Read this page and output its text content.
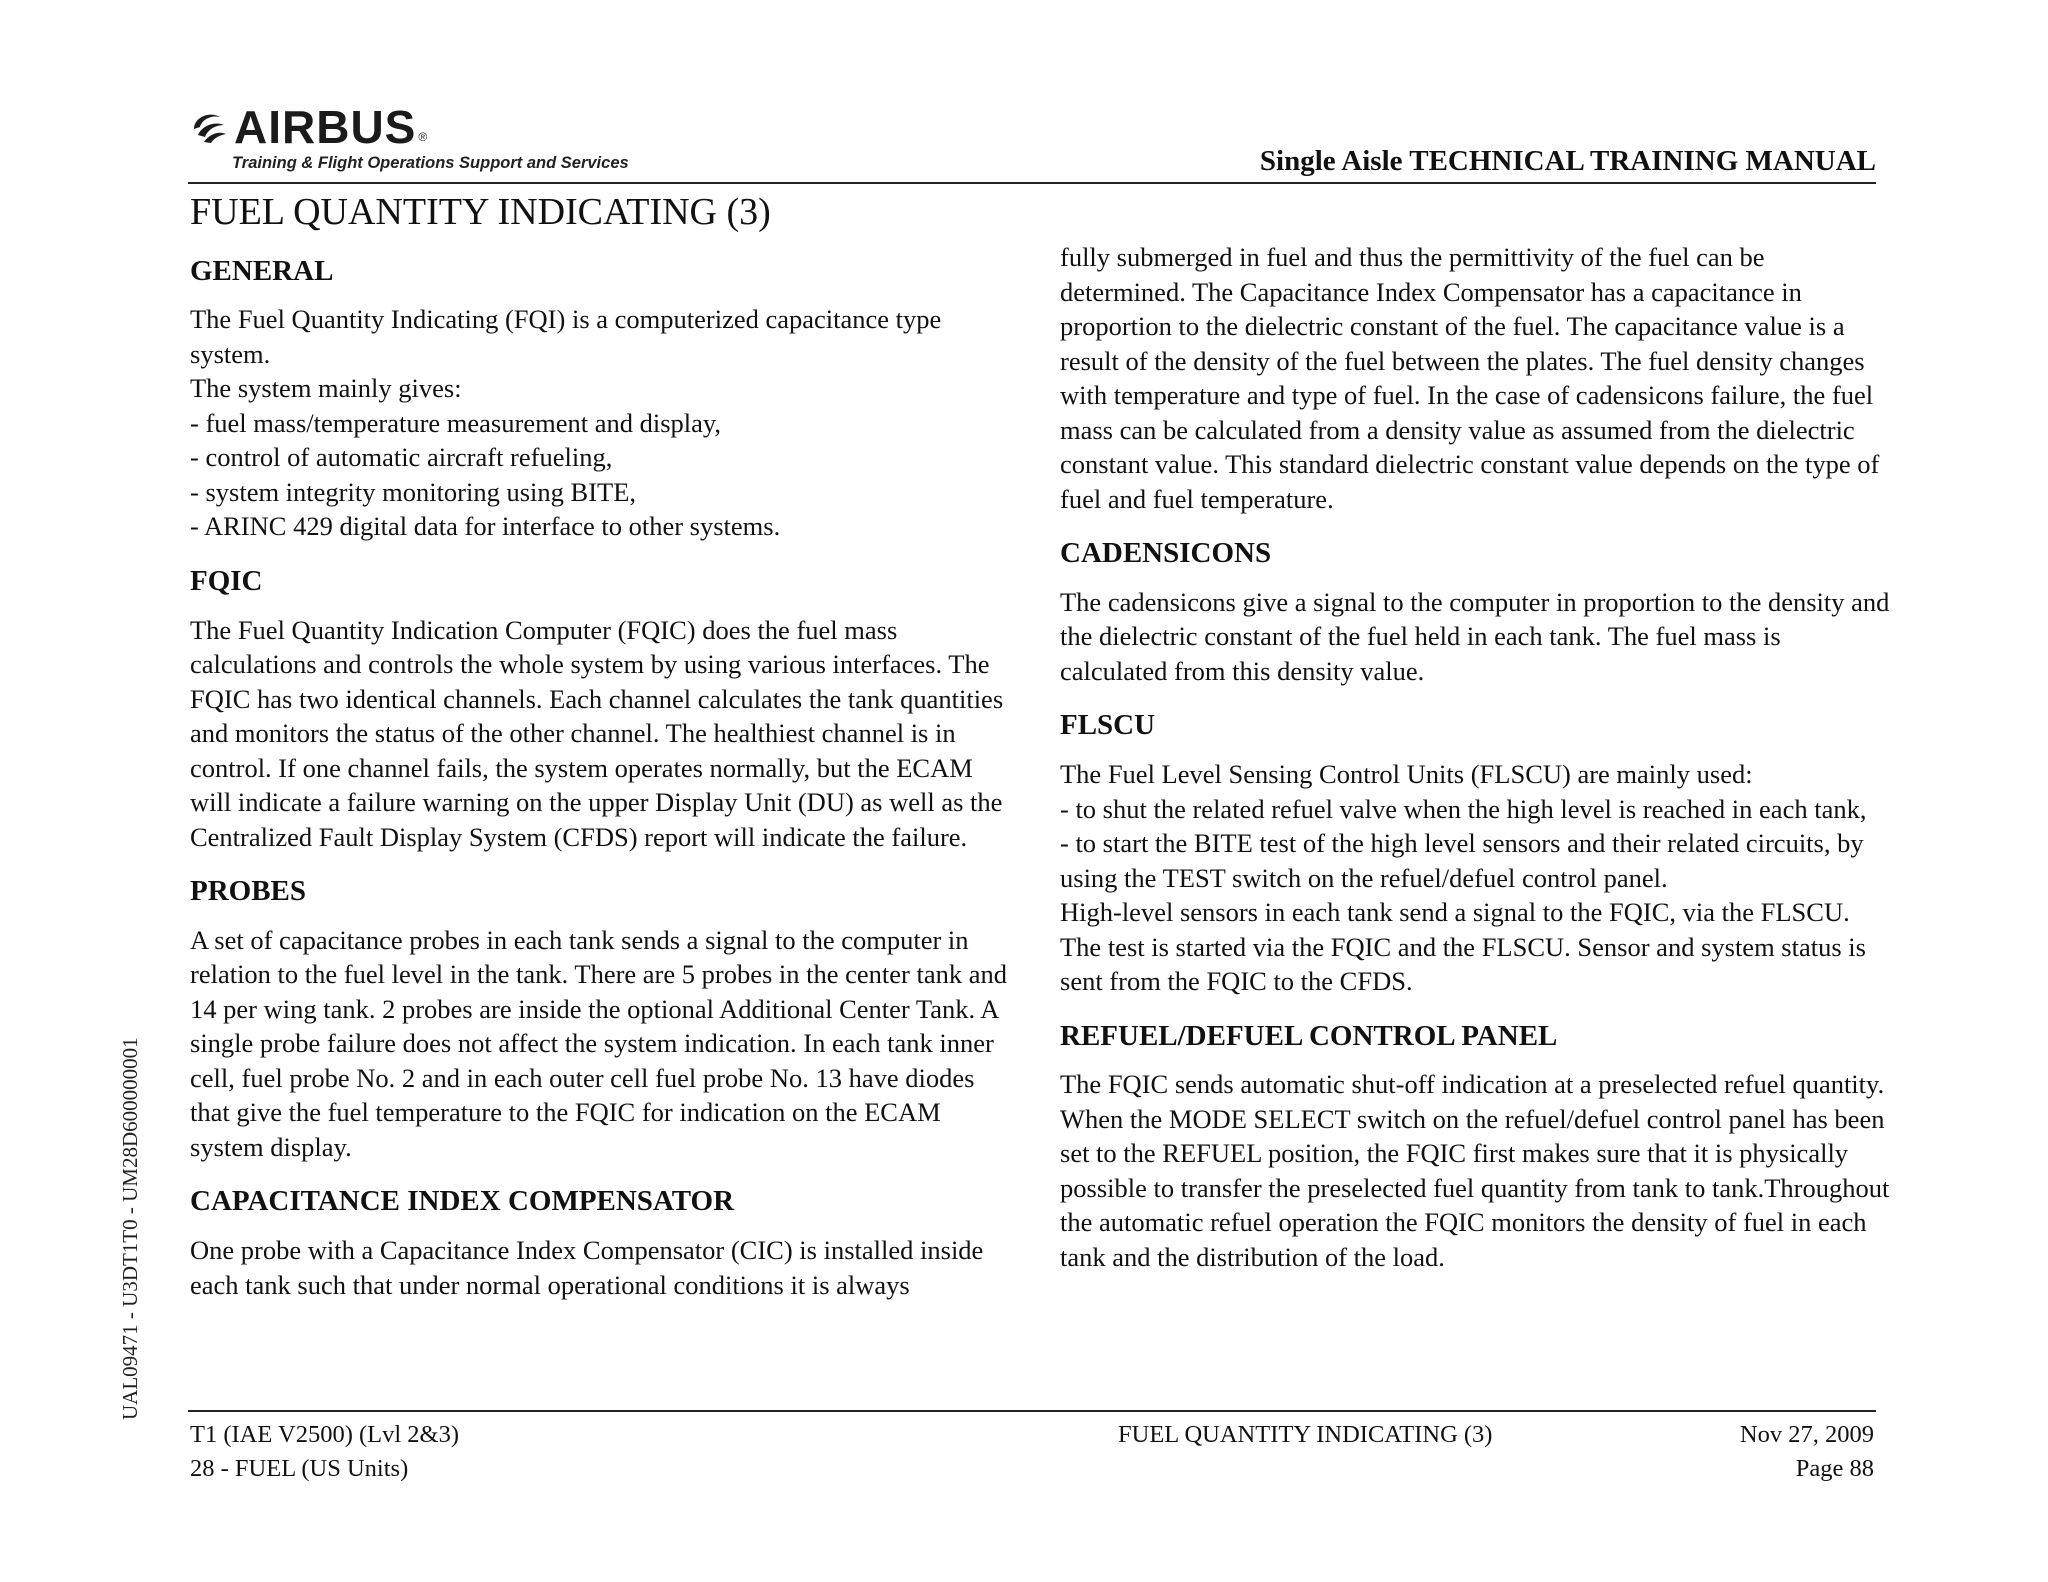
AIRBUS ®
Training & Flight Operations Support and Services	Single Aisle TECHNICAL TRAINING MANUAL
FUEL QUANTITY INDICATING (3)
GENERAL

The Fuel Quantity Indicating (FQI) is a computerized capacitance type system.
The system mainly gives:
- fuel mass/temperature measurement and display,
- control of automatic aircraft refueling,
- system integrity monitoring using BITE,
- ARINC 429 digital data for interface to other systems.

FQIC

The Fuel Quantity Indication Computer (FQIC) does the fuel mass calculations and controls the whole system by using various interfaces. The FQIC has two identical channels. Each channel calculates the tank quantities and monitors the status of the other channel. The healthiest channel is in control. If one channel fails, the system operates normally, but the ECAM will indicate a failure warning on the upper Display Unit (DU) as well as the Centralized Fault Display System (CFDS) report will indicate the failure.

PROBES

A set of capacitance probes in each tank sends a signal to the computer in relation to the fuel level in the tank. There are 5 probes in the center tank and 14 per wing tank. 2 probes are inside the optional Additional Center Tank. A single probe failure does not affect the system indication. In each tank inner cell, fuel probe No. 2 and in each outer cell fuel probe No. 13 have diodes that give the fuel temperature to the FQIC for indication on the ECAM system display.

CAPACITANCE INDEX COMPENSATOR

One probe with a Capacitance Index Compensator (CIC) is installed inside each tank such that under normal operational conditions it is always

fully submerged in fuel and thus the permittivity of the fuel can be determined. The Capacitance Index Compensator has a capacitance in proportion to the dielectric constant of the fuel. The capacitance value is a result of the density of the fuel between the plates. The fuel density changes with temperature and type of fuel. In the case of cadensicons failure, the fuel mass can be calculated from a density value as assumed from the dielectric constant value. This standard dielectric constant value depends on the type of fuel and fuel temperature.

CADENSICONS

The cadensicons give a signal to the computer in proportion to the density and the dielectric constant of the fuel held in each tank. The fuel mass is calculated from this density value.

FLSCU

The Fuel Level Sensing Control Units (FLSCU) are mainly used:
- to shut the related refuel valve when the high level is reached in each tank,
- to start the BITE test of the high level sensors and their related circuits, by using the TEST switch on the refuel/defuel control panel.
High-level sensors in each tank send a signal to the FQIC, via the FLSCU. The test is started via the FQIC and the FLSCU. Sensor and system status is sent from the FQIC to the CFDS.

REFUEL/DEFUEL CONTROL PANEL

The FQIC sends automatic shut-off indication at a preselected refuel quantity. When the MODE SELECT switch on the refuel/defuel control panel has been set to the REFUEL position, the FQIC first makes sure that it is physically possible to transfer the preselected fuel quantity from tank to tank.Throughout the automatic refuel operation the FQIC monitors the density of fuel in each tank and the distribution of the load.

UAL09471 - U3DT1T0 - UM28D600000001
T1 (IAE V2500) (Lvl 2&3)
28 - FUEL (US Units)
FUEL QUANTITY INDICATING (3)	Nov 27, 2009
Page 88
